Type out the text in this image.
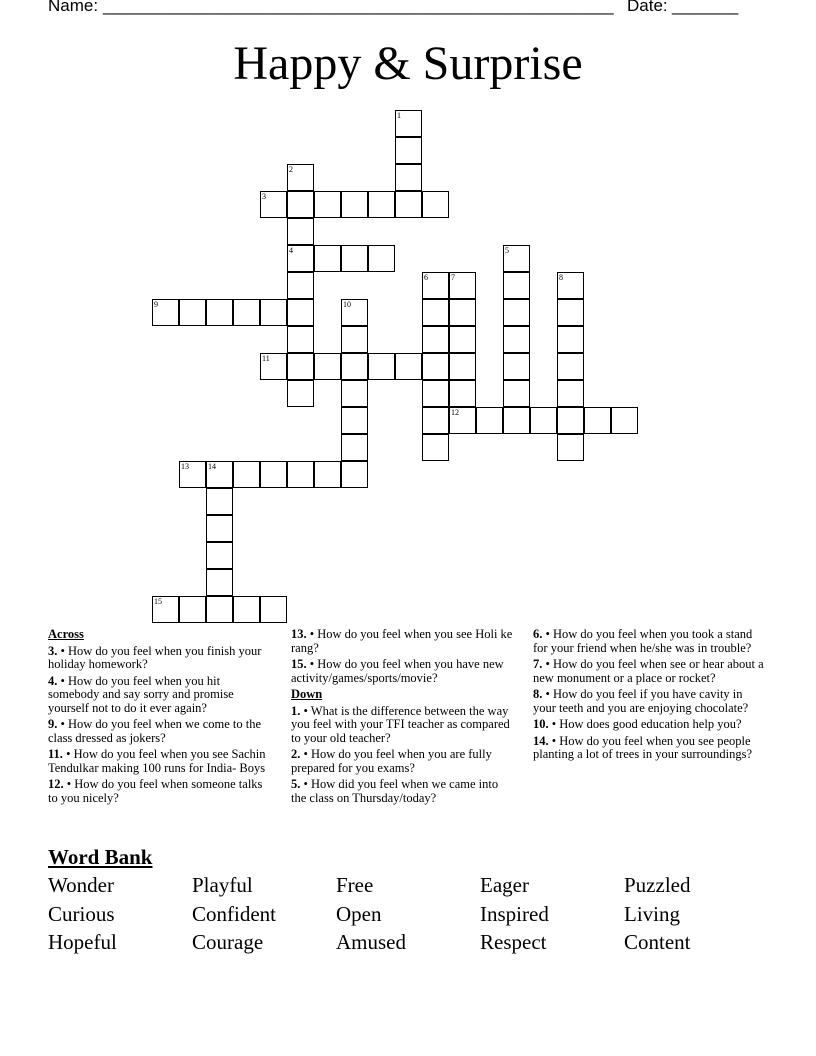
Name: ______________________________________________________ Date: _______
Happy & Surprise
1
2
4
3
5
6	7	8
9	10
11
12
13 14
15
Across
3. • How do you feel when you finish your holiday homework?
4. • How do you feel when you hit somebody and say sorry and promise yourself not to do it ever again?
9. • How do you feel when we come to the class dressed as jokers?
11. • How do you feel when you see Sachin Tendulkar making 100 runs for India- Boys
12. • How do you feel when someone talks to you nicely?
13. • How do you feel when you see Holi ke rang?
15. • How do you feel when you have new activity/games/sports/movie?
Down
1. • What is the difference between the way you feel with your TFI teacher as compared to your old teacher?
2. • How do you feel when you are fully prepared for you exams?
5. • How did you feel when we came into the class on Thursday/today?
6. • How do you feel when you took a stand for your friend when he/she was in trouble?
7. • How do you feel when see or hear about a new monument or a place or rocket?
8. • How do you feel if you have cavity in your teeth and you are enjoying chocolate?
10. • How does good education help you?
14. • How do you feel when you see people planting a lot of trees in your surroundings?
Word Bank
Wonder	Playful	Free	Eager	Puzzled
Curious	Confident	Open	Inspired	Living
Hopeful	Courage	Amused	Respect	Content
